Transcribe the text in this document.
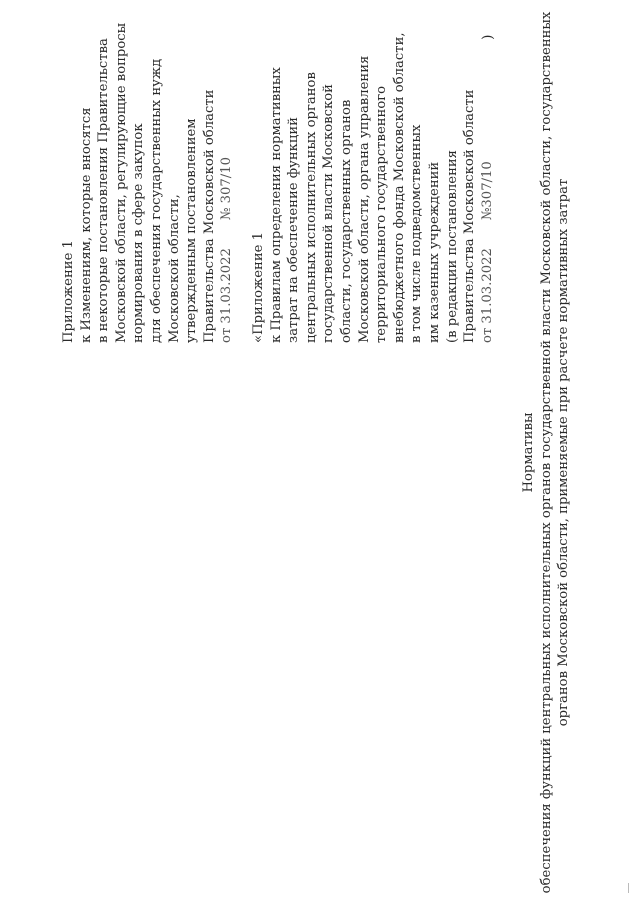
Приложение 1 к Изменениям, которые вносятся в некоторые постановления Правительства Московской области, регулирующие вопросы нормирования в сфере закупок для обеспечения государственных нужд Московской области, утвержденным постановлением Правительства Московской области от 31.03.2022№ 307/10
«Приложение 1 к Правилам определения нормативных затрат на обеспечение функций центральных исполнительных органов государственной власти Московской области, государственных органов Московской области, органа управления территориального государственного внебюджетного фонда Московской области, в том числе подведомственных им казенных учреждений (в редакции постановления Правительства Московской области от 31.03.2022№307/10
)
Нормативы обеспечения функций центральных исполнительных органов государственной власти Московской области, государственных органов Московской области, применяемые при расчете нормативных затрат
